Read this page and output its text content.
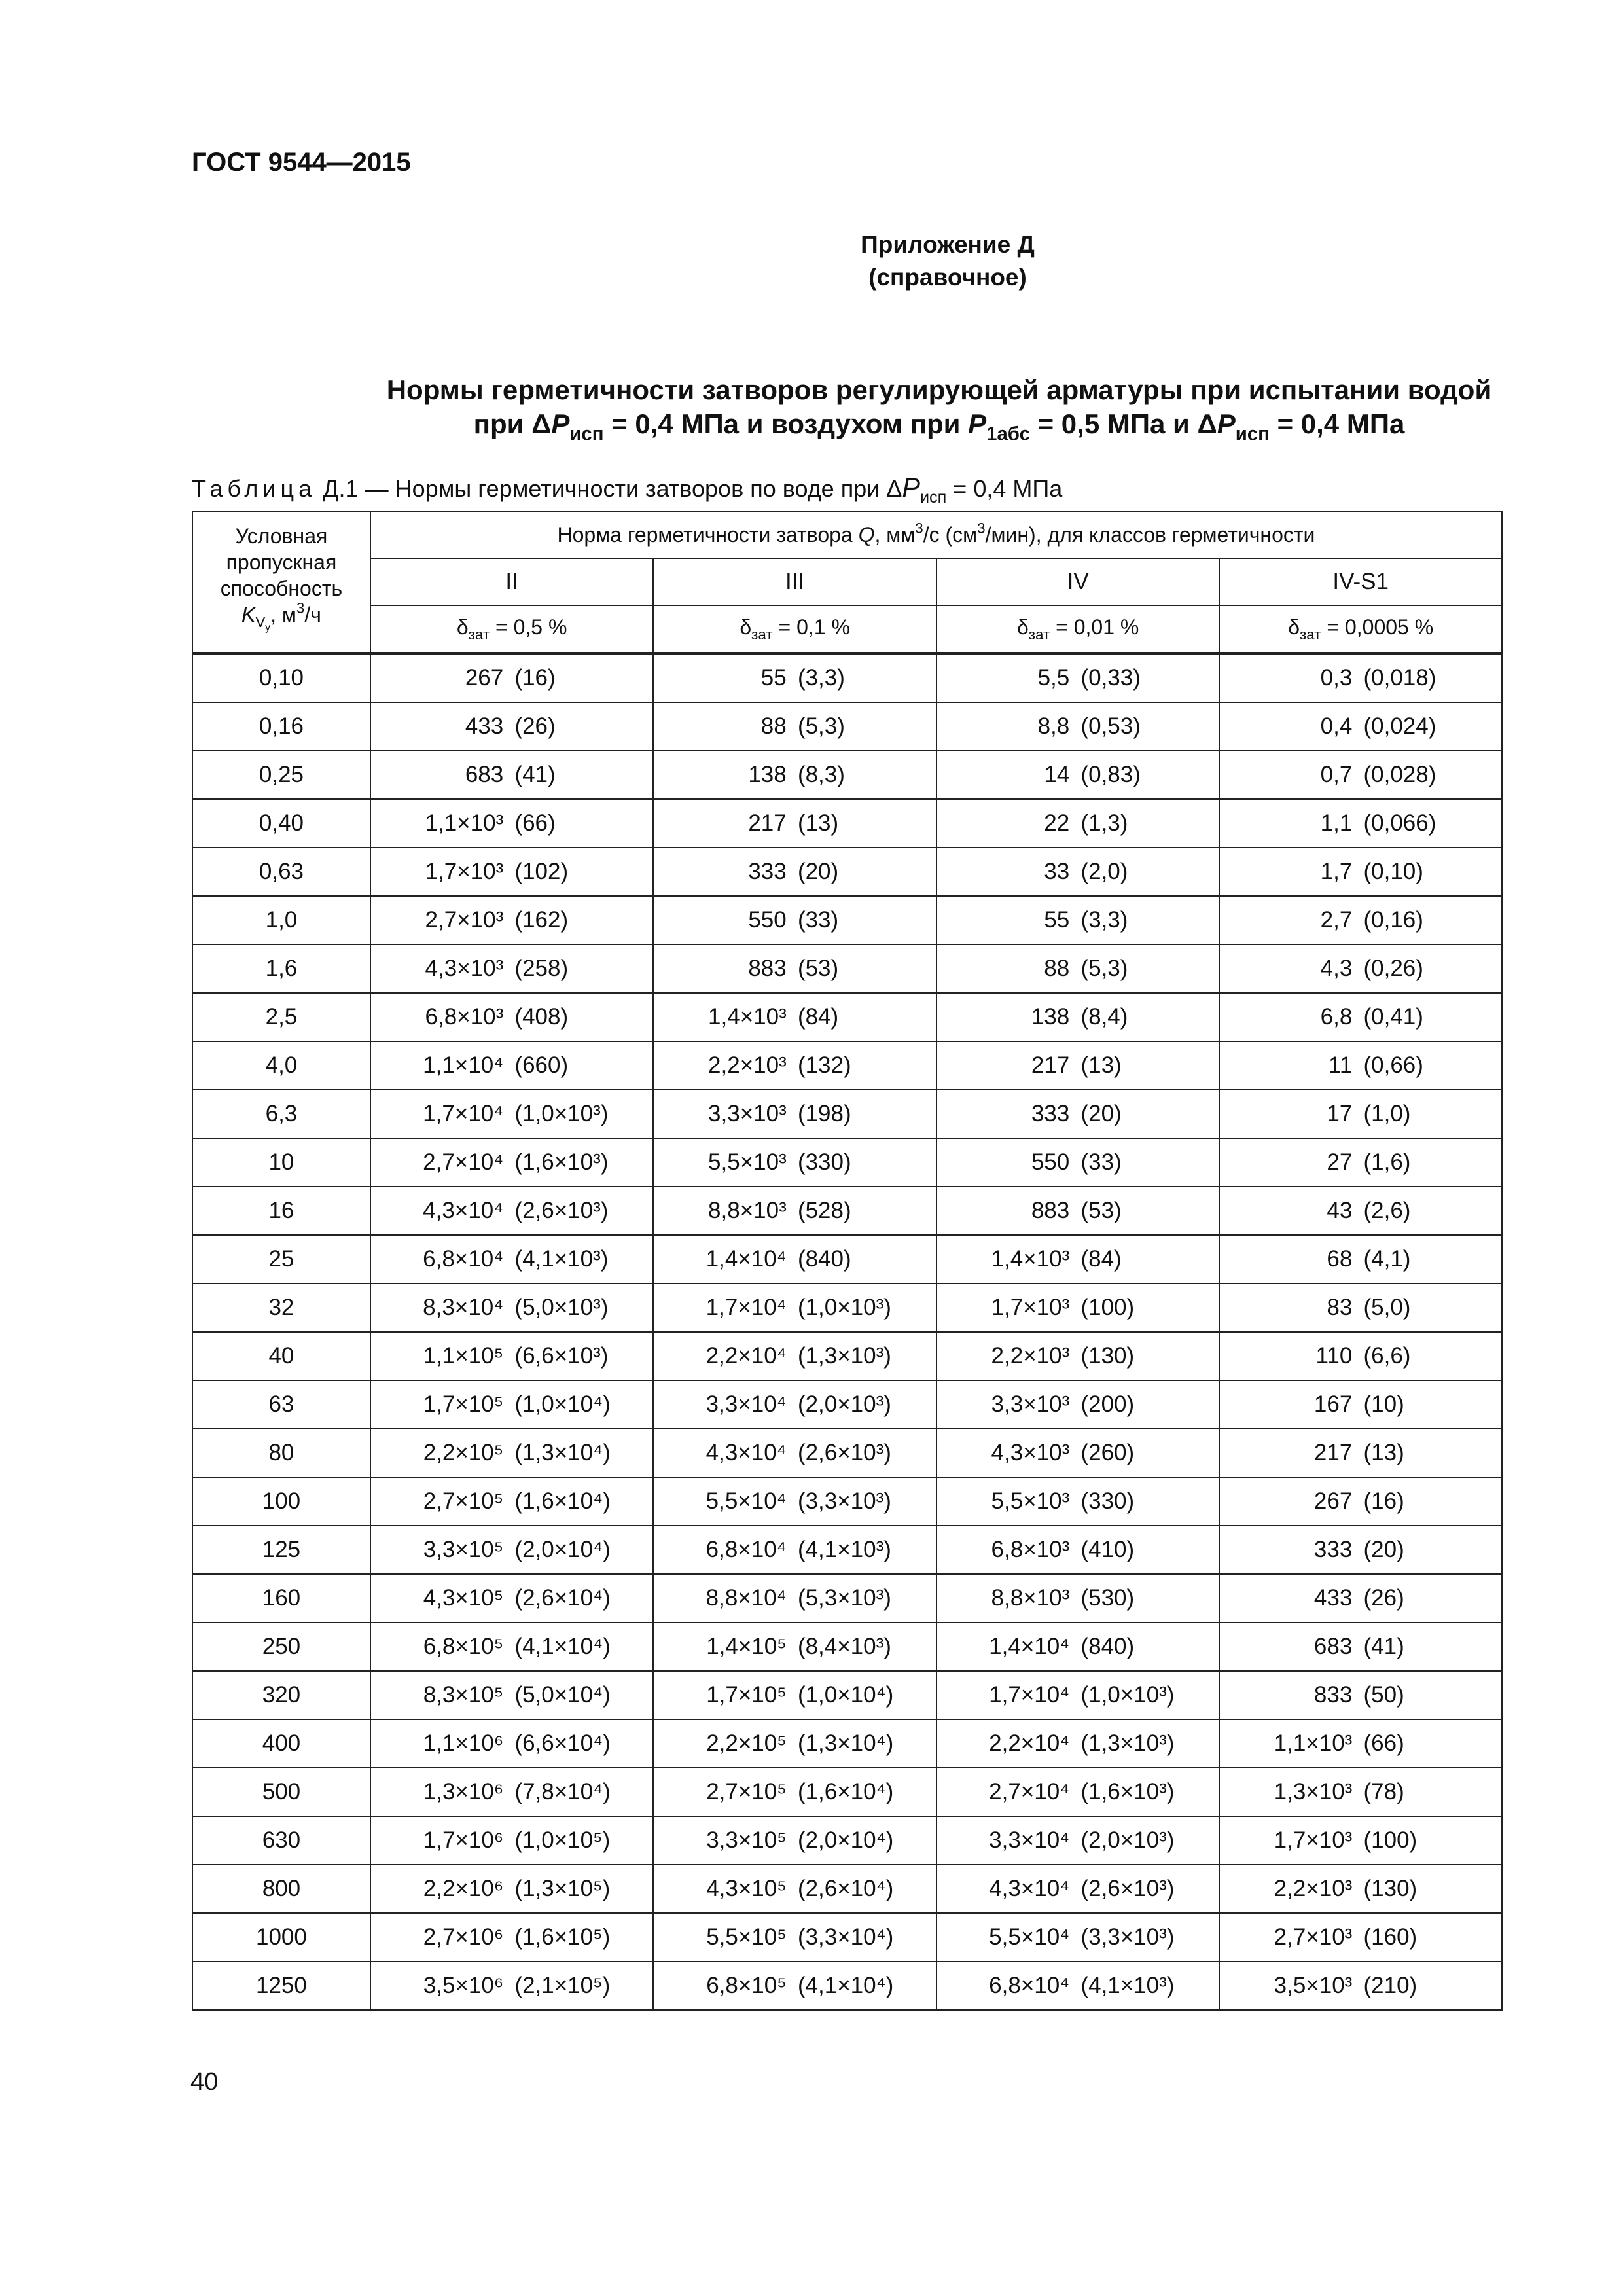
ГОСТ 9544—2015
Приложение Д
(справочное)
Нормы герметичности затворов регулирующей арматуры при испытании водой
при $\Delta P_{исп} = 0,4$ МПа и воздухом при $P_{1абс} = 0,5$ МПа и $\Delta P_{исп} = 0,4$ МПа
Таблица Д.1 — Нормы герметичности затворов по воде при $\Delta P_{исп} = 0,4$ МПа
Условная
пропускная
способность
$K_{V_у}$, $м^3/ч$	Норма герметичности затвора Q, $мм^3/с$ $(см^3/мин)$, для классов герметичности			
	II	III	IV	IV-S1
	$\delta_{зат} = 0,5$ %	$\delta_{зат} = 0,1$ %	$\delta_{зат} = 0,01$ %	$\delta_{зат} = 0,0005$ %
0,10	267 (16)	55 (3,3)	5,5 (0,33)	0,3 (0,018)

0,16	433 (26)	88 (5,3)	8,8 (0,53)	0,4 (0,024)

0,25	683 (41)	138 (8,3)	14 (0,83)	0,7 (0,028)

0,40	1,1×10³ (66)	217 (13)	22 (1,3)	1,1 (0,066)

0,63	1,7×10³ (102)	333 (20)	33 (2,0)	1,7 (0,10)

1,0	2,7×10³ (162)	550 (33)	55 (3,3)	2,7 (0,16)

1,6	4,3×10³ (258)	883 (53)	88 (5,3)	4,3 (0,26)

2,5	6,8×10³ (408)	1,4×10³ (84)	138 (8,4)	6,8 (0,41)

4,0	1,1×10⁴ (660)	2,2×10³ (132)	217 (13)	11 (0,66)

6,3	1,7×10⁴ (1,0×10³)	3,3×10³ (198)	333 (20)	17 (1,0)

10	2,7×10⁴ (1,6×10³)	5,5×10³ (330)	550 (33)	27 (1,6)

16	4,3×10⁴ (2,6×10³)	8,8×10³ (528)	883 (53)	43 (2,6)

25	6,8×10⁴ (4,1×10³)	1,4×10⁴ (840)	1,4×10³ (84)	68 (4,1)

32	8,3×10⁴ (5,0×10³)	1,7×10⁴ (1,0×10³)	1,7×10³ (100)	83 (5,0)

40	1,1×10⁵ (6,6×10³)	2,2×10⁴ (1,3×10³)	2,2×10³ (130)	110 (6,6)

63	1,7×10⁵ (1,0×10⁴)	3,3×10⁴ (2,0×10³)	3,3×10³ (200)	167 (10)

80	2,2×10⁵ (1,3×10⁴)	4,3×10⁴ (2,6×10³)	4,3×10³ (260)	217 (13)

100	2,7×10⁵ (1,6×10⁴)	5,5×10⁴ (3,3×10³)	5,5×10³ (330)	267 (16)

125	3,3×10⁵ (2,0×10⁴)	6,8×10⁴ (4,1×10³)	6,8×10³ (410)	333 (20)

160	4,3×10⁵ (2,6×10⁴)	8,8×10⁴ (5,3×10³)	8,8×10³ (530)	433 (26)

250	6,8×10⁵ (4,1×10⁴)	1,4×10⁵ (8,4×10³)	1,4×10⁴ (840)	683 (41)

320	8,3×10⁵ (5,0×10⁴)	1,7×10⁵ (1,0×10⁴)	1,7×10⁴ (1,0×10³)	833 (50)

400	1,1×10⁶ (6,6×10⁴)	2,2×10⁵ (1,3×10⁴)	2,2×10⁴ (1,3×10³)	1,1×10³ (66)

500	1,3×10⁶ (7,8×10⁴)	2,7×10⁵ (1,6×10⁴)	2,7×10⁴ (1,6×10³)	1,3×10³ (78)

630	1,7×10⁶ (1,0×10⁵)	3,3×10⁵ (2,0×10⁴)	3,3×10⁴ (2,0×10³)	1,7×10³ (100)

800	2,2×10⁶ (1,3×10⁵)	4,3×10⁵ (2,6×10⁴)	4,3×10⁴ (2,6×10³)	2,2×10³ (130)

1000	2,7×10⁶ (1,6×10⁵)	5,5×10⁵ (3,3×10⁴)	5,5×10⁴ (3,3×10³)	2,7×10³ (160)

1250	3,5×10⁶ (2,1×10⁵)	6,8×10⁵ (4,1×10⁴)	6,8×10⁴ (4,1×10³)	3,5×10³ (210)
40
